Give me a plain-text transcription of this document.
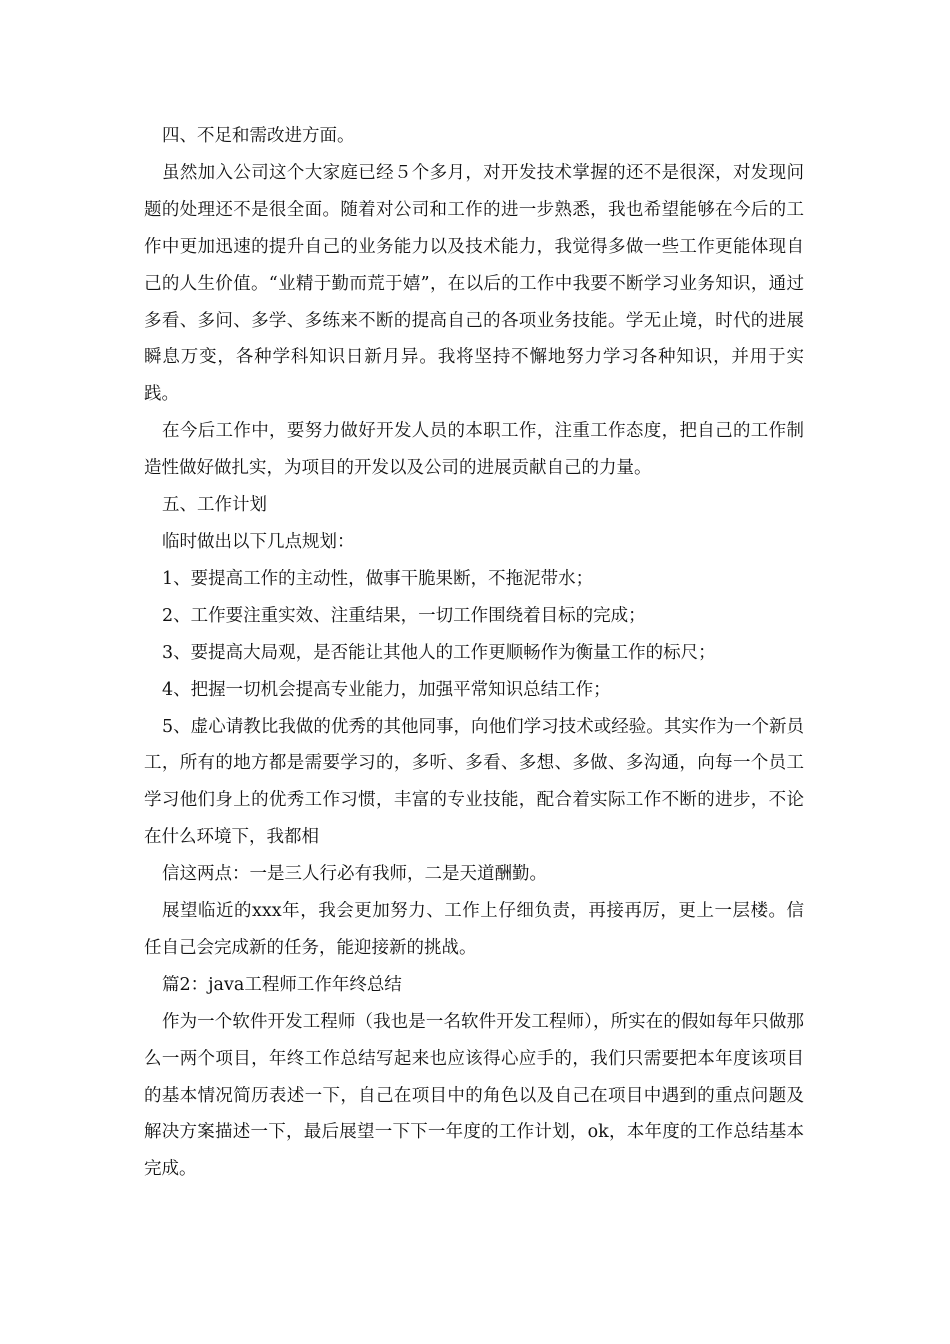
四、不足和需改进方面。

虽然加入公司这个大家庭已经５个多月，对开发技术掌握的还不是很深，对发现问题的处理还不是很全面。随着对公司和工作的进一步熟悉，我也希望能够在今后的工作中更加迅速的提升自己的业务能力以及技术能力，我觉得多做一些工作更能体现自己的人生价值。“业精于勤而荒于嬉”，在以后的工作中我要不断学习业务知识，通过多看、多问、多学、多练来不断的提高自己的各项业务技能。学无止境，时代的进展瞬息万变，各种学科知识日新月异。我将坚持不懈地努力学习各种知识，并用于实践。

在今后工作中，要努力做好开发人员的本职工作，注重工作态度，把自己的工作制造性做好做扎实，为项目的开发以及公司的进展贡献自己的力量。

五、工作计划

临时做出以下几点规划：

1、要提高工作的主动性，做事干脆果断，不拖泥带水；

2、工作要注重实效、注重结果，一切工作围绕着目标的完成；

3、要提高大局观，是否能让其他人的工作更顺畅作为衡量工作的标尺；

4、把握一切机会提高专业能力，加强平常知识总结工作；

5、虚心请教比我做的优秀的其他同事，向他们学习技术或经验。其实作为一个新员工，所有的地方都是需要学习的，多听、多看、多想、多做、多沟通，向每一个员工学习他们身上的优秀工作习惯，丰富的专业技能，配合着实际工作不断的进步，不论在什么环境下，我都相

信这两点：一是三人行必有我师，二是天道酬勤。

展望临近的xxx年，我会更加努力、工作上仔细负责，再接再厉，更上一层楼。信任自己会完成新的任务，能迎接新的挑战。

篇2：java工程师工作年终总结

作为一个软件开发工程师（我也是一名软件开发工程师），所实在的假如每年只做那么一两个项目，年终工作总结写起来也应该得心应手的，我们只需要把本年度该项目的基本情况简历表述一下，自己在项目中的角色以及自己在项目中遇到的重点问题及解决方案描述一下，最后展望一下下一年度的工作计划，ok，本年度的工作总结基本完成。
